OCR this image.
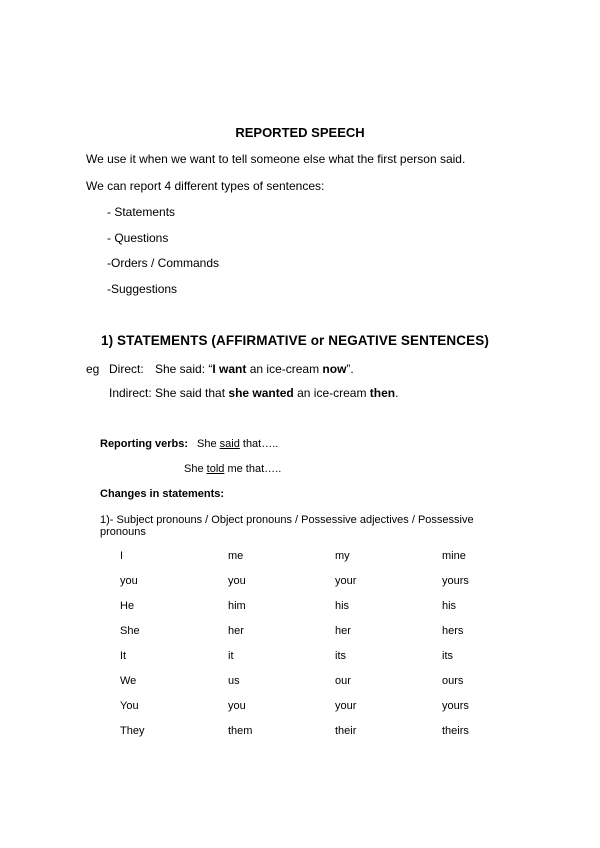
REPORTED SPEECH
We use it when we want to tell someone else what the first person said.
We can report 4 different types of sentences:
- Statements
- Questions
-Orders / Commands
-Suggestions
1) STATEMENTS (AFFIRMATIVE or NEGATIVE SENTENCES)
eg Direct: She said: “I want an ice-cream now”.
Indirect: She said that she wanted an ice-cream then.
Reporting verbs: She said that…..
She told me that…..
Changes in statements:
1)- Subject pronouns / Object pronouns / Possessive adjectives / Possessive
pronouns
I	me	my	mine
you	you	your	yours
He	him	his	his
She	her	her	hers
It	it	its	its
We	us	our	ours
You	you	your	yours
They	them	their	theirs
